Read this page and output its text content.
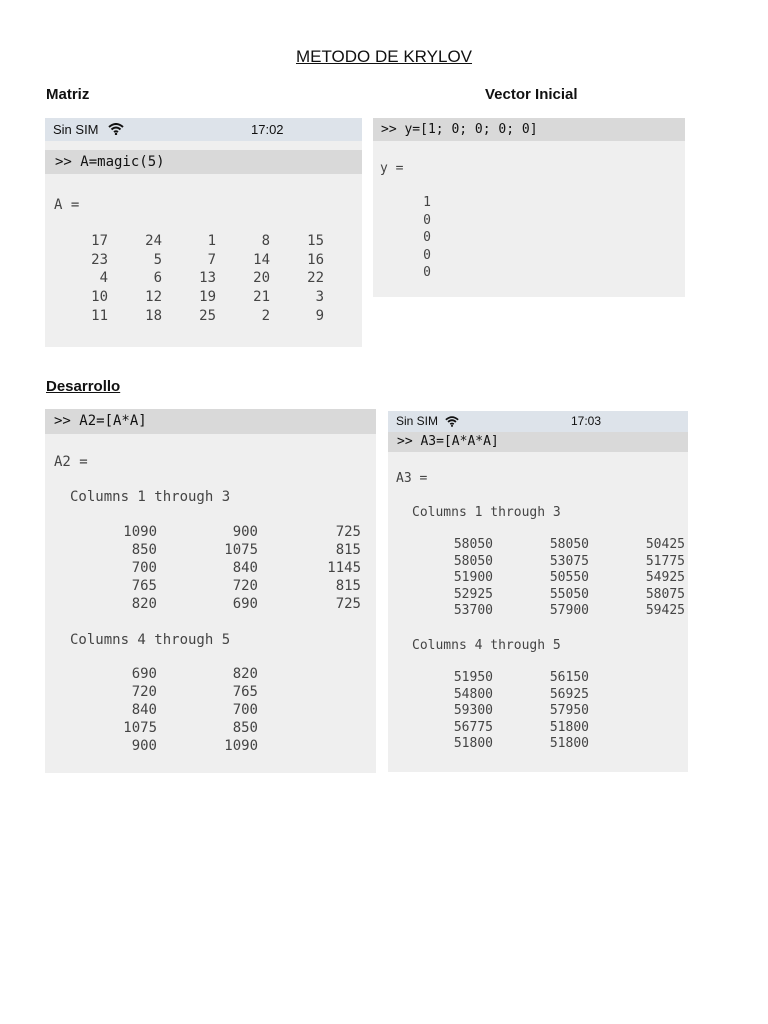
METODO DE KRYLOV
Matriz	Vector Inicial
Desarrollo
Sin SIM	17:02
>> A=magic(5)
A =
17	24	1	8	15
23	5	7	14	16
4	6	13	20	22
10	12	19	21	3
11	18	25	2	9
>> y=[1; 0; 0; 0; 0]
y =
1
0
0
0
0
>> A2=[A*A]
A2 =
Columns 1 through 3
1090	900	725
850	1075	815
700	840	1145
765	720	815
820	690	725
Columns 4 through 5
690	820
720	765
840	700
1075	850
900	1090
Sin SIM	17:03
>> A3=[A*A*A]
A3 =
Columns 1 through 3
58050	58050	50425
58050	53075	51775
51900	50550	54925
52925	55050	58075
53700	57900	59425
Columns 4 through 5
51950	56150
54800	56925
59300	57950
56775	51800
51800	51800
